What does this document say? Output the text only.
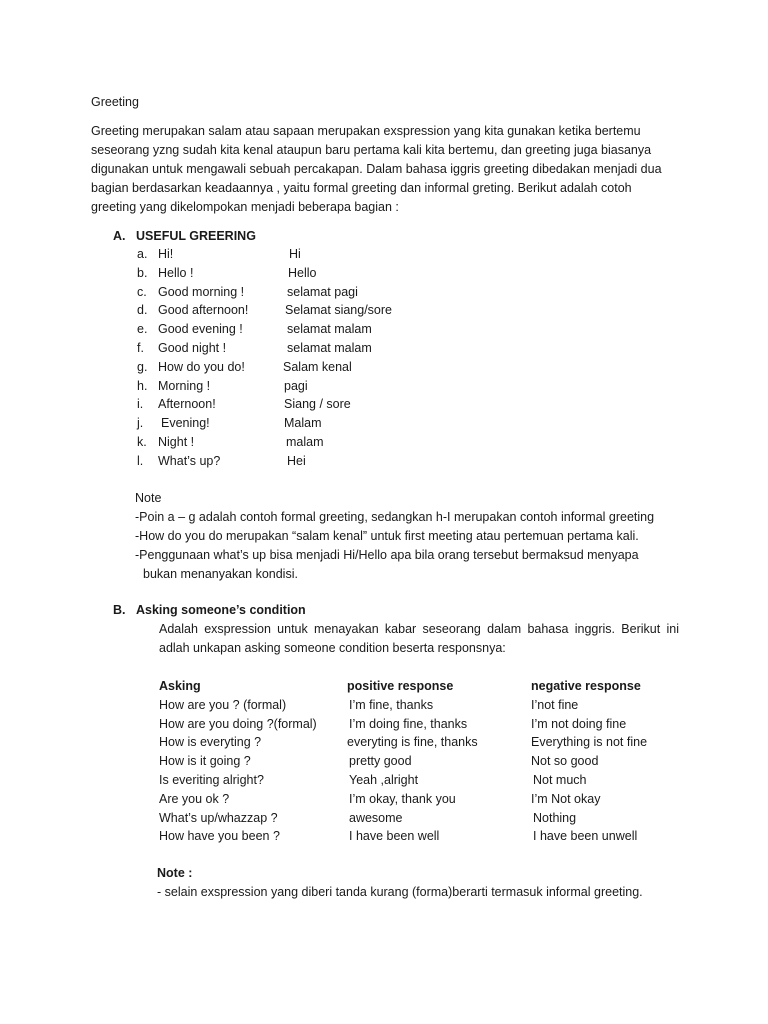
Greeting

Greeting merupakan salam atau sapaan merupakan exspression yang kita gunakan ketika bertemu

seseorang yzng sudah kita kenal ataupun baru pertama kali kita bertemu, dan greeting juga biasanya

digunakan untuk mengawali sebuah percakapan. Dalam bahasa iggris greeting dibedakan menjadi dua

bagian berdasarkan keadaannya , yaitu formal greeting dan informal greting. Berikut adalah cotoh

greeting yang dikelompokan menjadi beberapa bagian :

A. USEFUL GREERING
a. Hi!	Hi
b. Hello !	Hello
c. Good morning !	selamat pagi
d. Good afternoon!	Selamat siang/sore
e. Good evening !	selamat malam
f. Good night !	selamat malam
g. How do you do!	Salam kenal
h. Morning !	pagi
i. Afternoon!	Siang / sore
j. Evening!	Malam
k. Night !	malam
l. What’s up?	Hei
Note
-Poin a – g adalah contoh formal greeting, sedangkan h-I merupakan contoh informal greeting
-How do you do merupakan “salam kenal” untuk first meeting atau pertemuan pertama kali.
-Penggunaan what’s up bisa menjadi Hi/Hello apa bila orang tersebut bermaksud menyapa
bukan menanyakan kondisi.
B. Asking someone’s condition
Adalah exspression untuk menayakan kabar seseorang dalam bahasa inggris. Berikut ini
adlah unkapan asking someone condition beserta responsnya:
Asking	positive response	negative response
How are you ? (formal)	I’m fine, thanks	I’not fine
How are you doing ?(formal)	I’m doing fine, thanks	I’m not doing fine
How is everyting ?	everyting is fine, thanks	Everything is not fine
How is it going ?	pretty good	Not so good
Is everiting alright?	Yeah ,alright	Not much
Are you ok ?	I’m okay, thank you	I’m Not okay
What’s up/whazzap ?	awesome	Nothing
How have you been ?	I have been well	I have been unwell
Note :
- selain exspression yang diberi tanda kurang (forma)berarti termasuk informal greeting.
